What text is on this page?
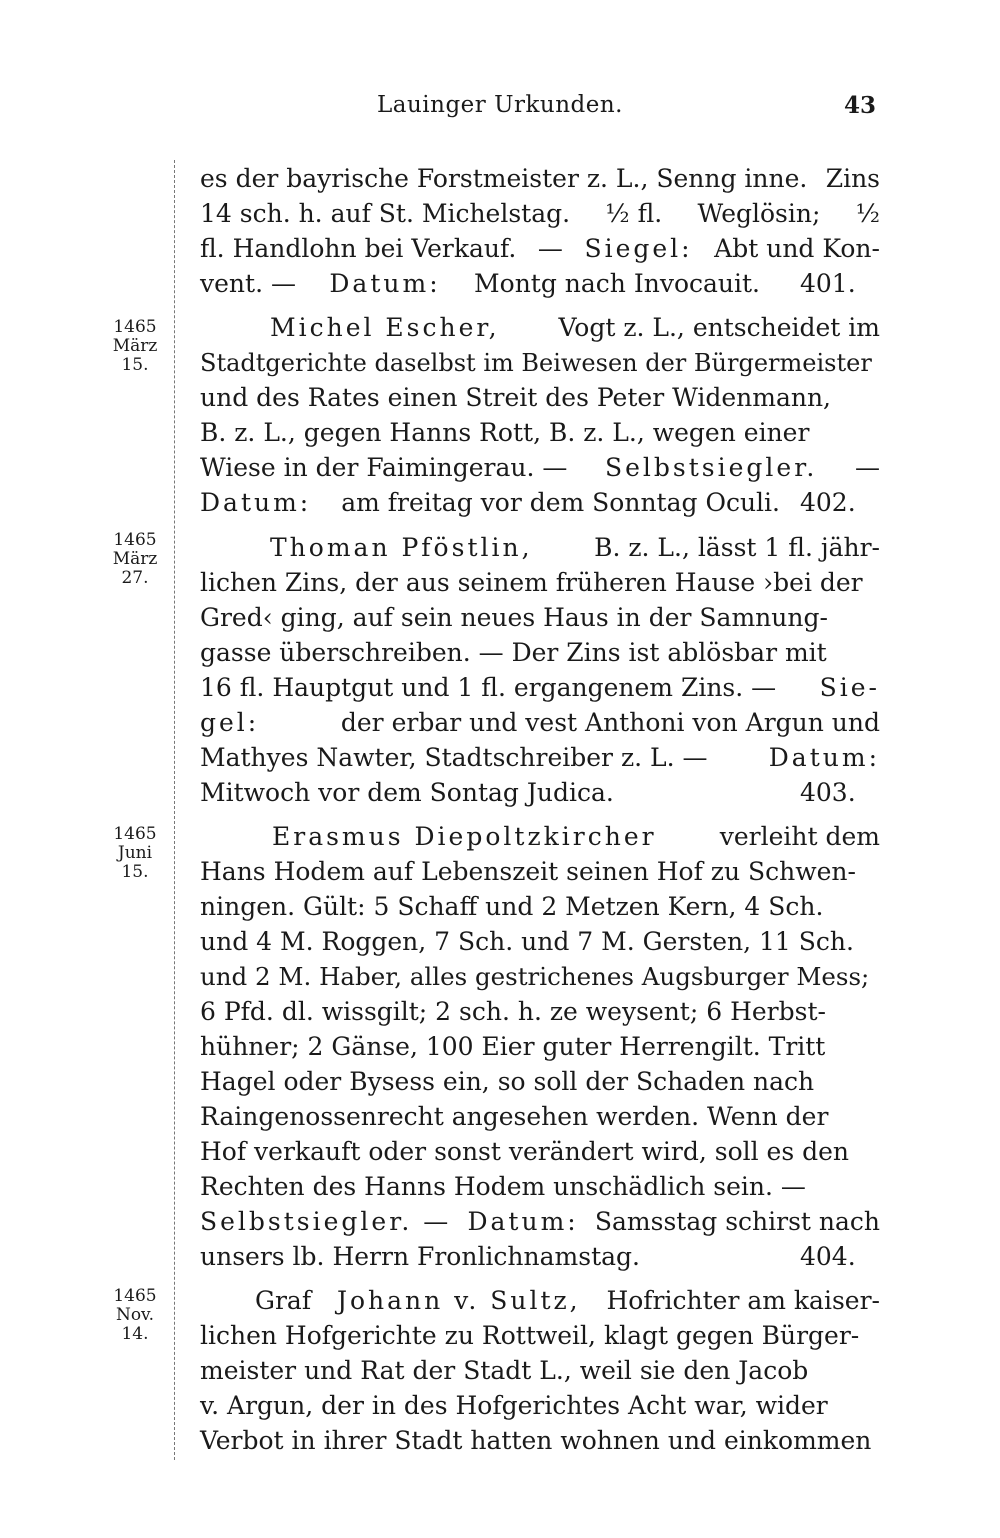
Lauinger Urkunden.	43
1465
März
15.
1465
März
27.
1465
Juni
15.
1465
Nov.
14.
es der bayrische Forstmeister z. L., Senng inne. Zins
14 sch. h. auf St. Michelstag. ½ fl. Weglösin; ½
fl. Handlohn bei Verkauf. — Siegel: Abt und Kon-
vent. — Datum: Montg nach Invocauit. 401.
Michel Escher, Vogt z. L., entscheidet im
Stadtgerichte daselbst im Beiwesen der Bürgermeister
und des Rates einen Streit des Peter Widenmann,
B. z. L., gegen Hanns Rott, B. z. L., wegen einer
Wiese in der Faimingerau. — Selbstsiegler. —
Datum: am freitag vor dem Sonntag Oculi. 402.
Thoman Pföstlin, B. z. L., lässt 1 fl. jähr-
lichen Zins, der aus seinem früheren Hause ›bei der
Gred‹ ging, auf sein neues Haus in der Samnung-
gasse überschreiben. — Der Zins ist ablösbar mit
16 fl. Hauptgut und 1 fl. ergangenem Zins. — Sie-
gel:	der erbar und vest Anthoni von Argun und
Mathyes Nawter, Stadtschreiber z. L. — Datum:
Mitwoch vor dem Sontag Judica.	403.
Erasmus Diepoltzkircher	verleiht dem
Hans Hodem auf Lebenszeit seinen Hof zu Schwen-
ningen. Gült: 5 Schaff und 2 Metzen Kern, 4 Sch.
und 4 M. Roggen, 7 Sch. und 7 M. Gersten, 11 Sch.
und 2 M. Haber, alles gestrichenes Augsburger Mess;
6 Pfd. dl. wissgilt; 2 sch. h. ze weysent; 6 Herbst-
hühner; 2 Gänse, 100 Eier guter Herrengilt. Tritt
Hagel oder Bysess ein, so soll der Schaden nach
Raingenossenrecht angesehen werden. Wenn der
Hof verkauft oder sonst verändert wird, soll es den
Rechten des Hanns Hodem unschädlich sein. —
Selbstsiegler. — Datum: Samsstag schirst nach
unsers lb. Herrn Fronlichnamstag.	404.
Graf Johann v. Sultz, Hofrichter am kaiser-
lichen Hofgerichte zu Rottweil, klagt gegen Bürger-
meister und Rat der Stadt L., weil sie den Jacob
v. Argun, der in des Hofgerichtes Acht war, wider
Verbot in ihrer Stadt hatten wohnen und einkommen
